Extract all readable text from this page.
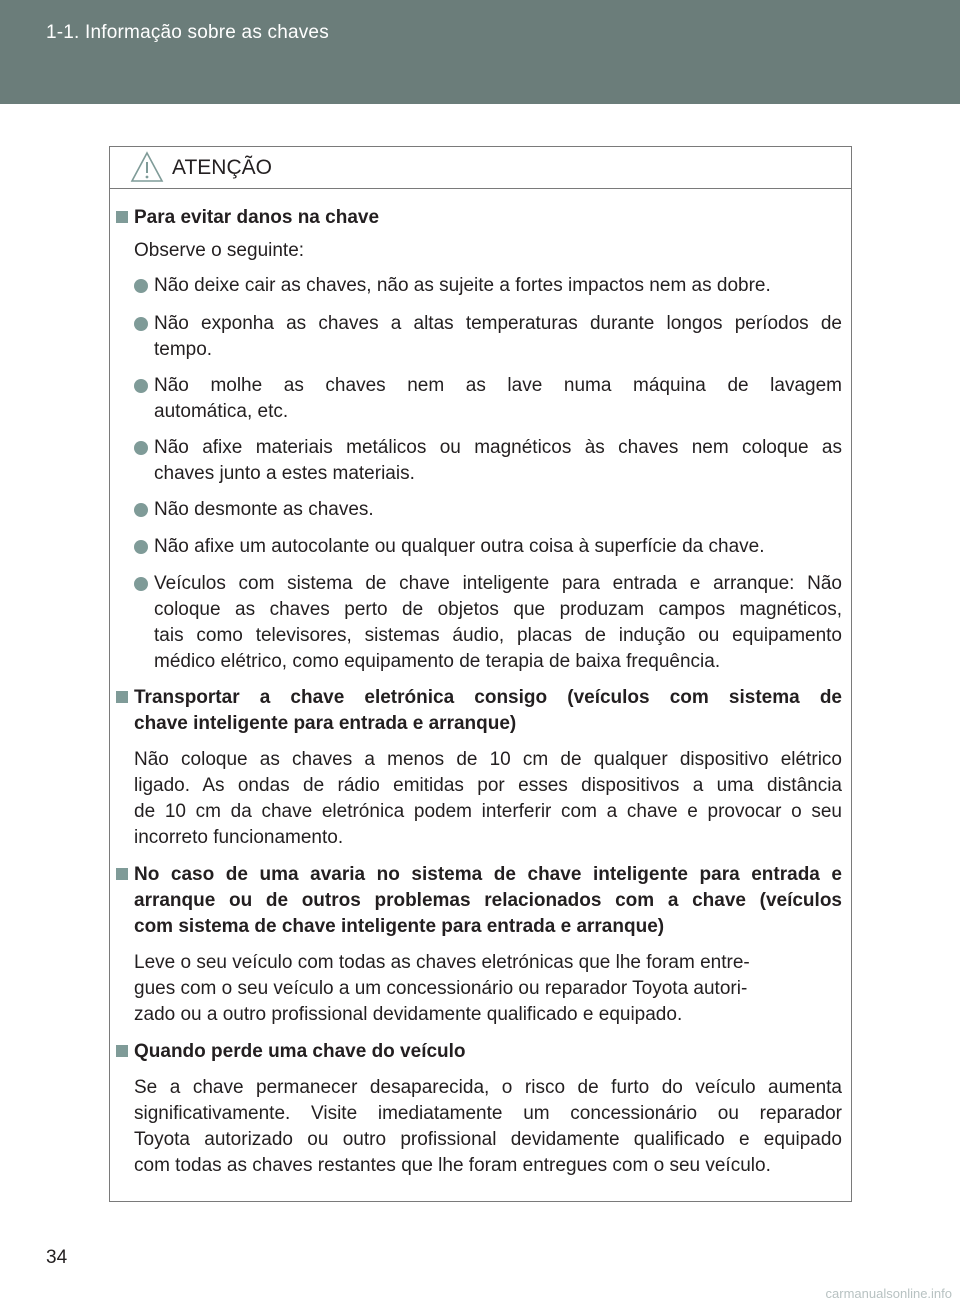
1-1. Informação sobre as chaves
ATENÇÃO
Para evitar danos na chave
Observe o seguinte:
Não deixe cair as chaves, não as sujeite a fortes impactos nem as dobre.
Não exponha as chaves a altas temperaturas durante longos períodos de
tempo.
Não molhe as chaves nem as lave numa máquina de lavagem
automática, etc.
Não afixe materiais metálicos ou magnéticos às chaves nem coloque as
chaves junto a estes materiais.
Não desmonte as chaves.
Não afixe um autocolante ou qualquer outra coisa à superfície da chave.
Veículos com sistema de chave inteligente para entrada e arranque: Não
coloque as chaves perto de objetos que produzam campos magnéticos,
tais como televisores, sistemas áudio, placas de indução ou equipamento
médico elétrico, como equipamento de terapia de baixa frequência.
Transportar a chave eletrónica consigo (veículos com sistema de
chave inteligente para entrada e arranque)
Não coloque as chaves a menos de 10 cm de qualquer dispositivo elétrico
ligado. As ondas de rádio emitidas por esses dispositivos a uma distância
de 10 cm da chave eletrónica podem interferir com a chave e provocar o seu
incorreto funcionamento.
No caso de uma avaria no sistema de chave inteligente para entrada e
arranque ou de outros problemas relacionados com a chave (veículos
com sistema de chave inteligente para entrada e arranque)
Leve o seu veículo com todas as chaves eletrónicas que lhe foram entre-
gues com o seu veículo a um concessionário ou reparador Toyota autori-
zado ou a outro profissional devidamente qualificado e equipado.
Quando perde uma chave do veículo
Se a chave permanecer desaparecida, o risco de furto do veículo aumenta
significativamente. Visite imediatamente um concessionário ou reparador
Toyota autorizado ou outro profissional devidamente qualificado e equipado
com todas as chaves restantes que lhe foram entregues com o seu veículo.
34
carmanualsonline.info
